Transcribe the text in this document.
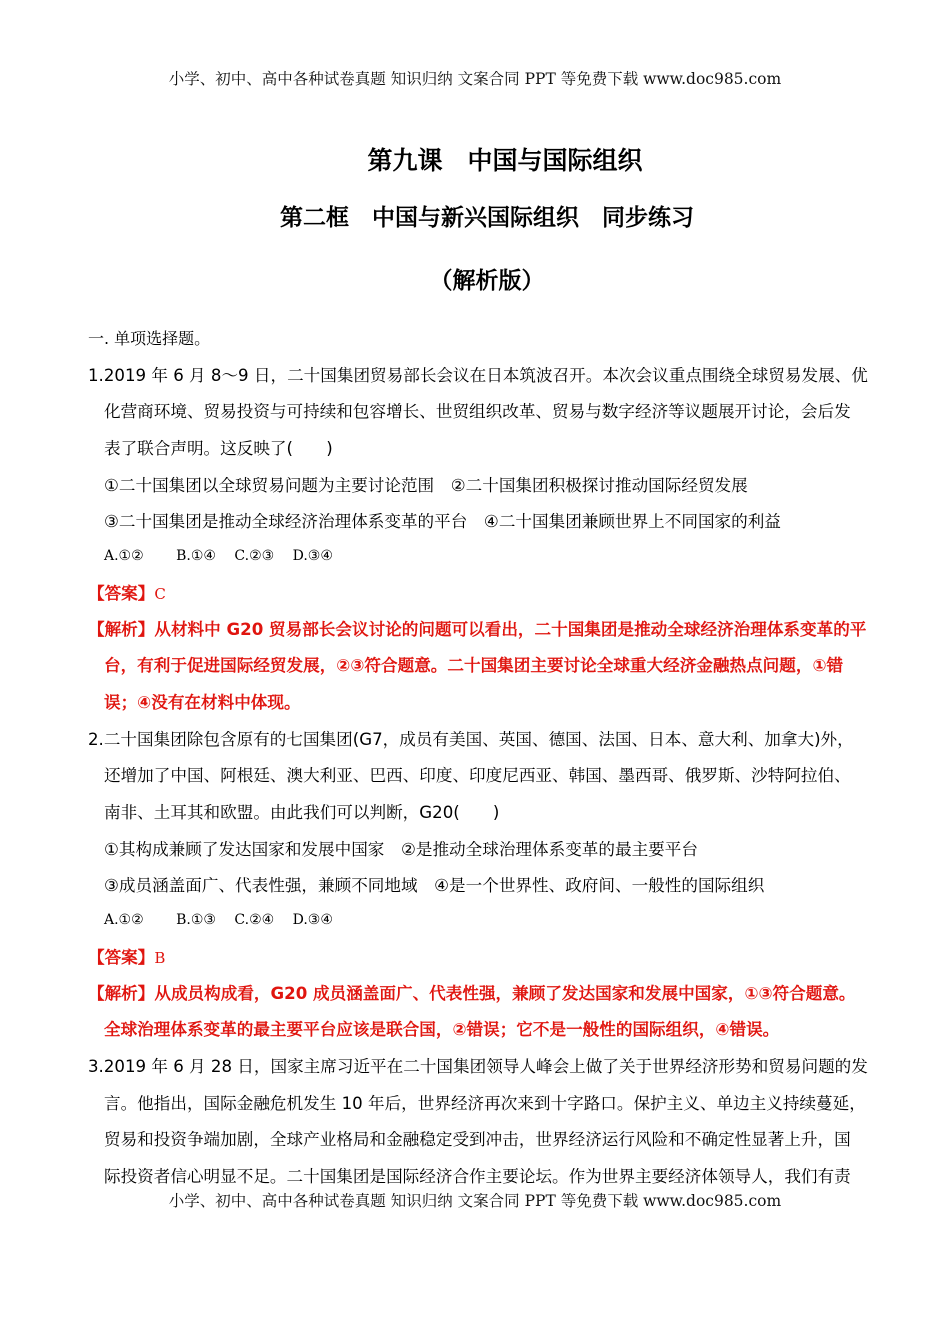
小学、初中、高中各种试卷真题 知识归纳 文案合同 PPT 等免费下载 www.doc985.com
第九课　中国与国际组织
第二框　中国与新兴国际组织　同步练习
（解析版）
一. 单项选择题。
1.2019 年 6 月 8～9 日，二十国集团贸易部长会议在日本筑波召开。本次会议重点围绕全球贸易发展、优
化营商环境、贸易投资与可持续和包容增长、世贸组织改革、贸易与数字经济等议题展开讨论，会后发
表了联合声明。这反映了(　　)
①二十国集团以全球贸易问题为主要讨论范围　②二十国集团积极探讨推动国际经贸发展
③二十国集团是推动全球经济治理体系变革的平台　④二十国集团兼顾世界上不同国家的利益
A.①②　　 B.①④　 C.②③　 D.③④
【答案】C
【解析】从材料中 G20 贸易部长会议讨论的问题可以看出，二十国集团是推动全球经济治理体系变革的平
台，有利于促进国际经贸发展，②③符合题意。二十国集团主要讨论全球重大经济金融热点问题，①错
误；④没有在材料中体现。
2.二十国集团除包含原有的七国集团(G7，成员有美国、英国、德国、法国、日本、意大利、加拿大)外，
还增加了中国、阿根廷、澳大利亚、巴西、印度、印度尼西亚、韩国、墨西哥、俄罗斯、沙特阿拉伯、
南非、土耳其和欧盟。由此我们可以判断，G20(　　)
①其构成兼顾了发达国家和发展中国家　②是推动全球治理体系变革的最主要平台
③成员涵盖面广、代表性强，兼顾不同地域　④是一个世界性、政府间、一般性的国际组织
A.①②　　 B.①③　 C.②④　 D.③④
【答案】B
【解析】从成员构成看，G20 成员涵盖面广、代表性强，兼顾了发达国家和发展中国家，①③符合题意。
全球治理体系变革的最主要平台应该是联合国，②错误；它不是一般性的国际组织，④错误。
3.2019 年 6 月 28 日，国家主席习近平在二十国集团领导人峰会上做了关于世界经济形势和贸易问题的发
言。他指出，国际金融危机发生 10 年后，世界经济再次来到十字路口。保护主义、单边主义持续蔓延，
贸易和投资争端加剧，全球产业格局和金融稳定受到冲击，世界经济运行风险和不确定性显著上升，国
际投资者信心明显不足。二十国集团是国际经济合作主要论坛。作为世界主要经济体领导人，我们有责
小学、初中、高中各种试卷真题 知识归纳 文案合同 PPT 等免费下载 www.doc985.com
